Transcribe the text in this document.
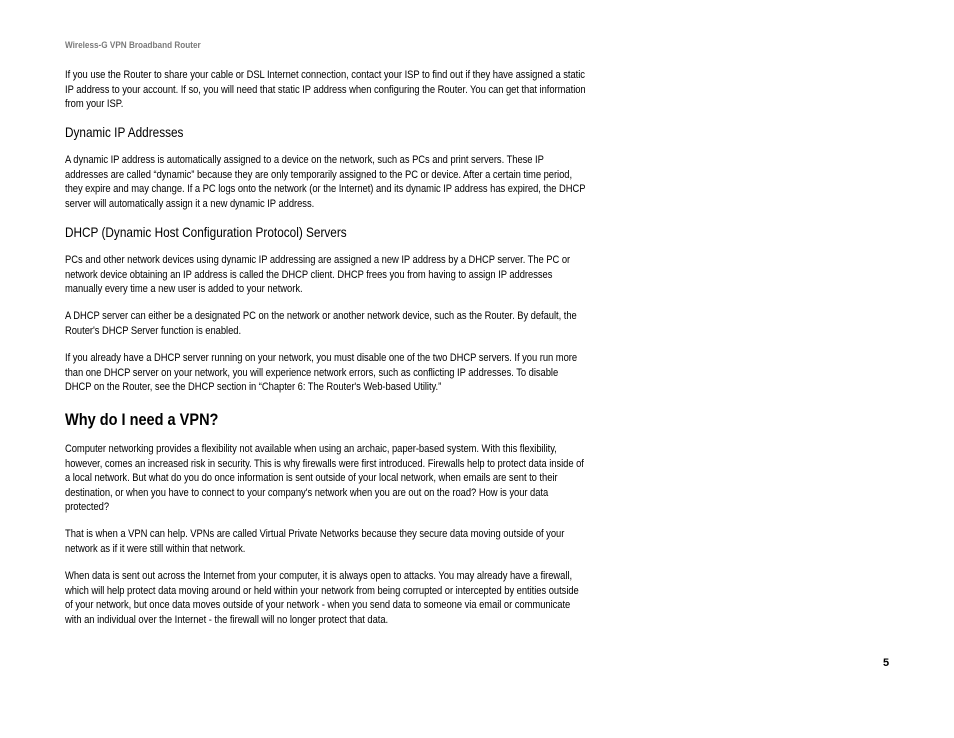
Wireless-G VPN Broadband Router

If you use the Router to share your cable or DSL Internet connection, contact your ISP to find out if they have assigned a static IP address to your account. If so, you will need that static IP address when configuring the Router. You can get that information from your ISP.

Dynamic IP Addresses

A dynamic IP address is automatically assigned to a device on the network, such as PCs and print servers. These IP addresses are called “dynamic” because they are only temporarily assigned to the PC or device. After a certain time period, they expire and may change. If a PC logs onto the network (or the Internet) and its dynamic IP address has expired, the DHCP server will automatically assign it a new dynamic IP address.

DHCP (Dynamic Host Configuration Protocol) Servers

PCs and other network devices using dynamic IP addressing are assigned a new IP address by a DHCP server. The PC or network device obtaining an IP address is called the DHCP client. DHCP frees you from having to assign IP addresses manually every time a new user is added to your network.

A DHCP server can either be a designated PC on the network or another network device, such as the Router. By default, the Router's DHCP Server function is enabled.

If you already have a DHCP server running on your network, you must disable one of the two DHCP servers. If you run more than one DHCP server on your network, you will experience network errors, such as conflicting IP addresses. To disable DHCP on the Router, see the DHCP section in “Chapter 6: The Router's Web-based Utility.”

Why do I need a VPN?

Computer networking provides a flexibility not available when using an archaic, paper-based system. With this flexibility, however, comes an increased risk in security. This is why firewalls were first introduced. Firewalls help to protect data inside of a local network. But what do you do once information is sent outside of your local network, when emails are sent to their destination, or when you have to connect to your company's network when you are out on the road? How is your data protected?

That is when a VPN can help. VPNs are called Virtual Private Networks because they secure data moving outside of your network as if it were still within that network.

When data is sent out across the Internet from your computer, it is always open to attacks. You may already have a firewall, which will help protect data moving around or held within your network from being corrupted or intercepted by entities outside of your network, but once data moves outside of your network - when you send data to someone via email or communicate with an individual over the Internet - the firewall will no longer protect that data.

5
